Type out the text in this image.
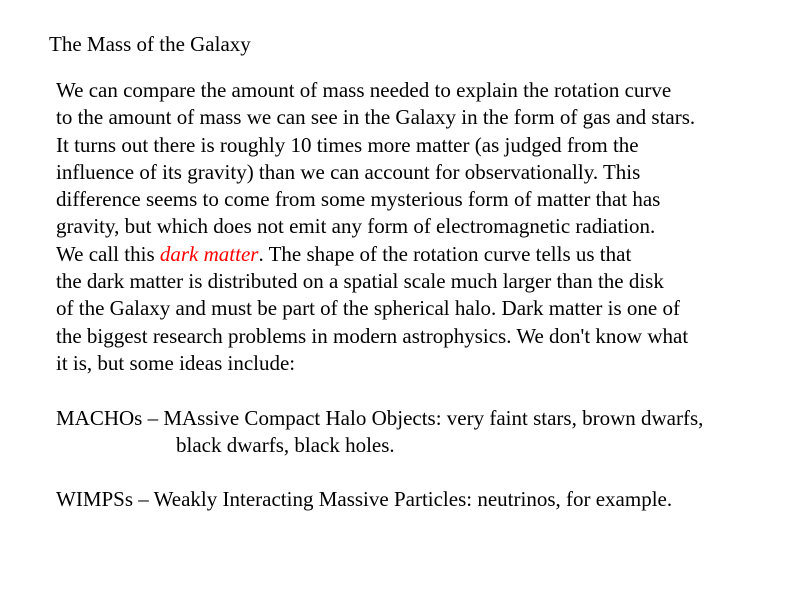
The Mass of the Galaxy
We can compare the amount of mass needed to explain the rotation curve
to the amount of mass we can see in the Galaxy in the form of gas and stars.
It turns out there is roughly 10 times more matter (as judged from the
influence of its gravity) than we can account for observationally. This
difference seems to come from some mysterious form of matter that has
gravity, but which does not emit any form of electromagnetic radiation.
We call this dark matter. The shape of the rotation curve tells us that
the dark matter is distributed on a spatial scale much larger than the disk
of the Galaxy and must be part of the spherical halo. Dark matter is one of
the biggest research problems in modern astrophysics. We don't know what
it is, but some ideas include:
MACHOs – MAssive Compact Halo Objects: very faint stars, brown dwarfs,
black dwarfs, black holes.
WIMPSs – Weakly Interacting Massive Particles: neutrinos, for example.
